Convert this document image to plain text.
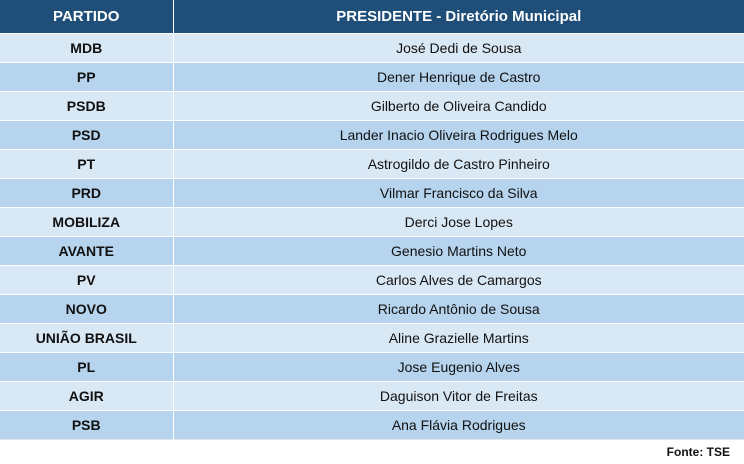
PARTIDO	PRESIDENTE - Diretório Municipal
MDB	José Dedi de Sousa
PP	Dener Henrique de Castro
PSDB	Gilberto de Oliveira Candido
PSD	Lander Inacio Oliveira Rodrigues Melo
PT	Astrogildo de Castro Pinheiro
PRD	Vilmar Francisco da Silva
MOBILIZA	Derci Jose Lopes
AVANTE	Genesio Martins Neto
PV	Carlos Alves de Camargos
NOVO	Ricardo Antônio de Sousa
UNIÃO BRASIL	Aline Grazielle Martins
PL	Jose Eugenio Alves
AGIR	Daguison Vitor de Freitas
PSB	Ana Flávia Rodrigues
	Fonte: TSE
